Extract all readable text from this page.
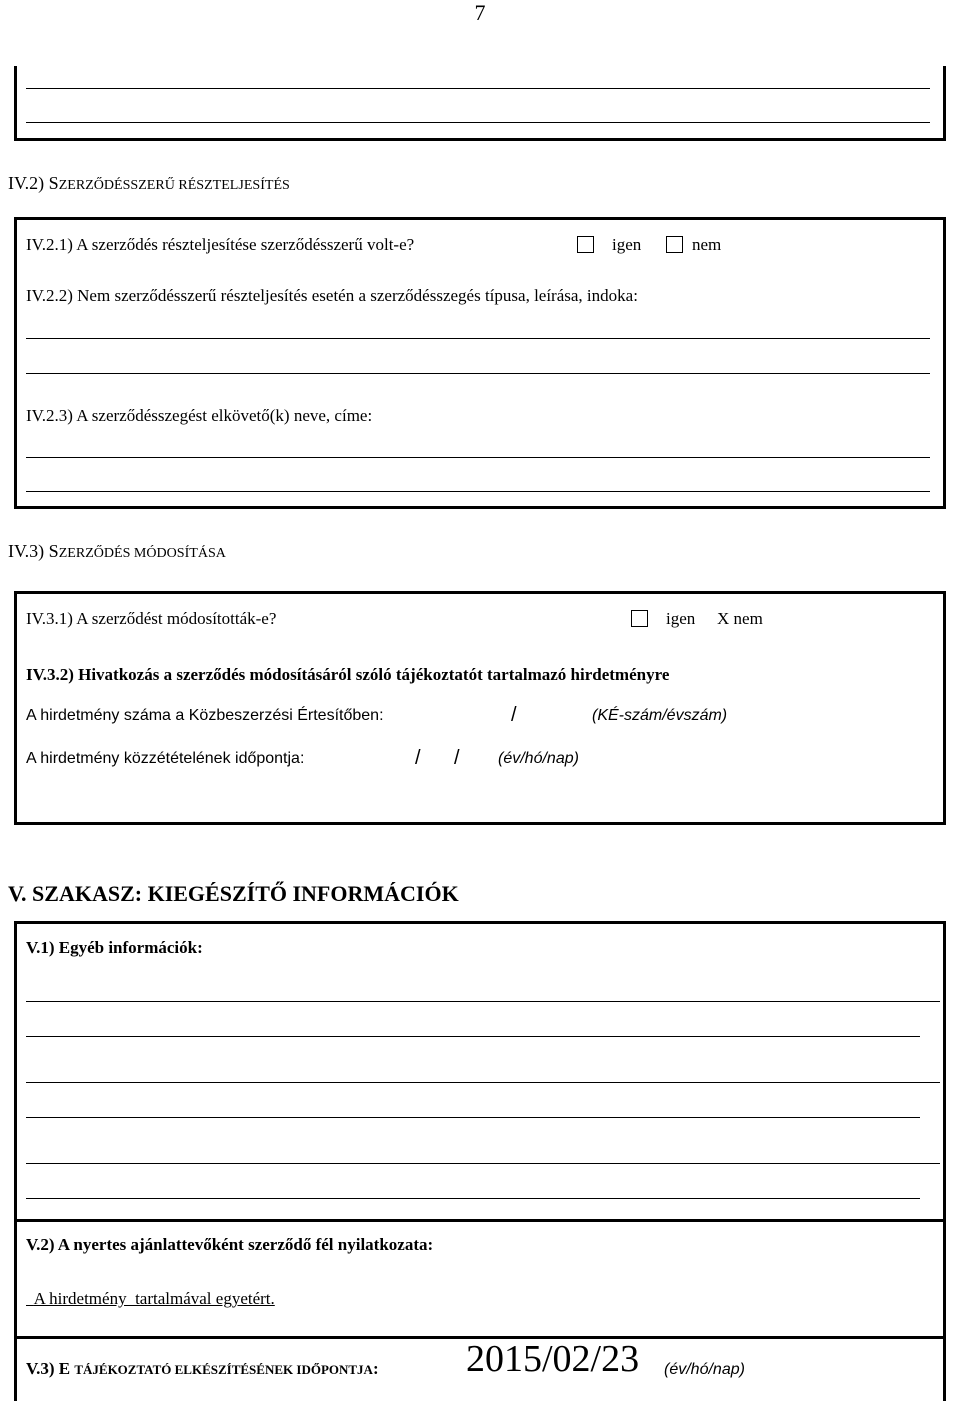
7
IV.2) SZERZŐDÉSSZERŰ RÉSZTELJESÍTÉS
IV.2.1) A szerződés részteljesítése szerződésszerű volt-e?	igen	nem
IV.2.2) Nem szerződésszerű részteljesítés esetén a szerződésszegés típusa, leírása, indoka:
IV.2.3) A szerződésszegést elkövető(k) neve, címe:
IV.3) SZERZŐDÉS MÓDOSÍTÁSA
IV.3.1) A szerződést módosították-e?	igen X nem
IV.3.2) Hivatkozás a szerződés módosításáról szóló tájékoztatót tartalmazó hirdetményre
A hirdetmény száma a Közbeszerzési Értesítőben:	/	(KÉ-szám/évszám)
A hirdetmény közzétételének időpontja:	/ / (év/hó/nap)
V. SZAKASZ: KIEGÉSZÍTŐ INFORMÁCIÓK
V.1) Egyéb információk:
V.2) A nyertes ajánlattevőként szerződő fél nyilatkozata:

A hirdetmény  tartalmával egyetért.

V.3) E TÁJÉKOZTATÓ ELKÉSZÍTÉSÉNEK IDŐPONTJA: 2015/02/23 (év/hó/nap)
